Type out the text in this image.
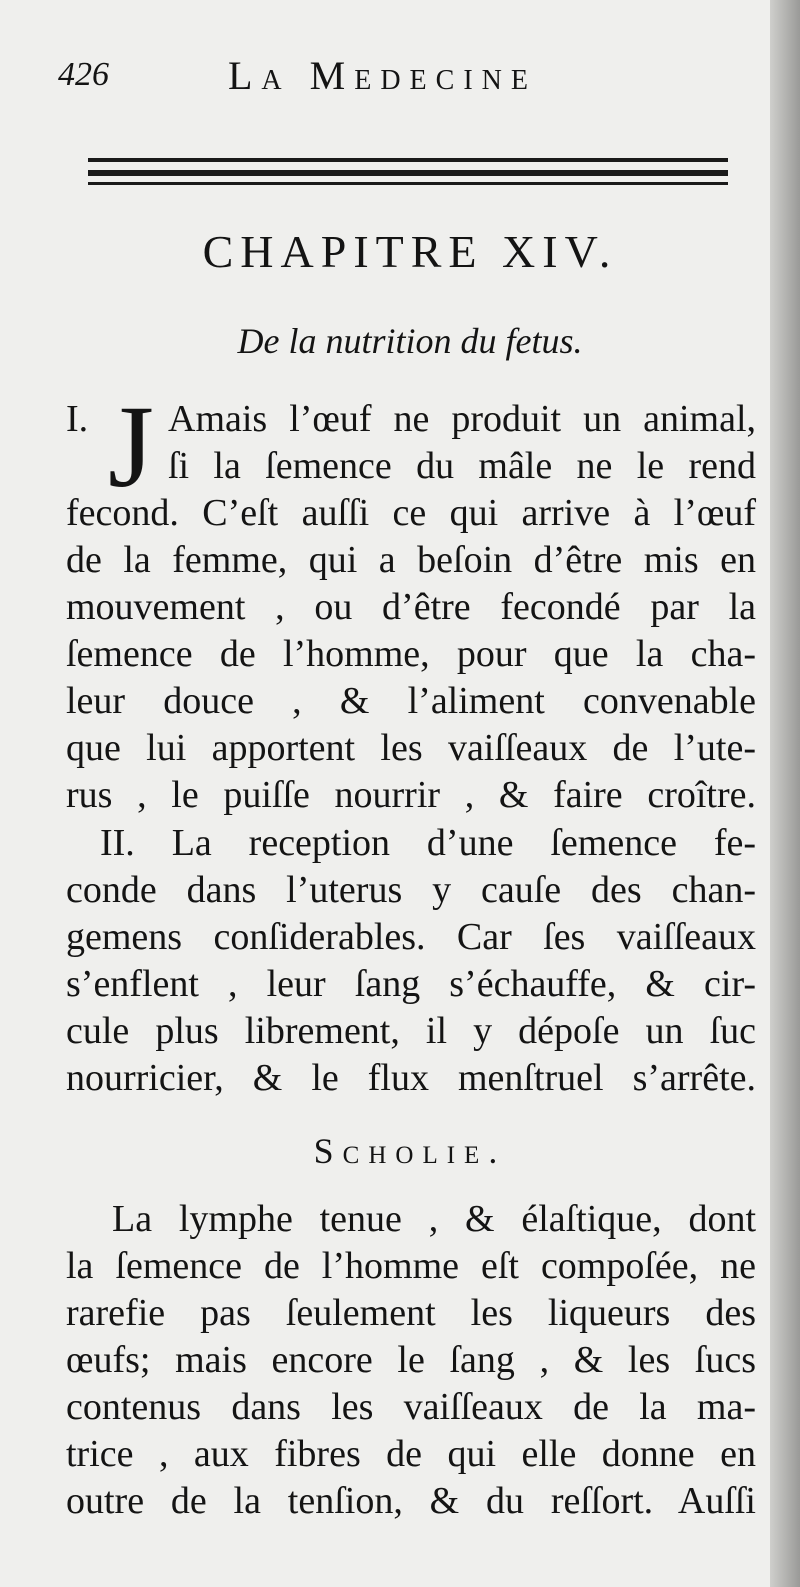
426	La Medecine
CHAPITRE XIV.
De la nutrition du fetus.
I. J Amais l’œuf ne produit un animal,
ſi la ſemence du mâle ne le rend
fecond. C’eſt auſſi ce qui arrive à l’œuf
de la femme, qui a beſoin d’être mis en
mouvement , ou d’être fecondé par la
ſemence de l’homme, pour que la cha-
leur douce , & l’aliment convenable
que lui apportent les vaiſſeaux de l’ute-
rus , le puiſſe nourrir , & faire croître.
II. La reception d’une ſemence fe-
conde dans l’uterus y cauſe des chan-
gemens conſiderables. Car ſes vaiſſeaux
s’enflent , leur ſang s’échauffe, & cir-
cule plus librement, il y dépoſe un ſuc
nourricier, & le flux menſtruel s’arrête.
Scholie.
La lymphe tenue , & élaſtique, dont
la ſemence de l’homme eſt compoſée, ne
rarefie pas ſeulement les liqueurs des
œufs; mais encore le ſang , & les ſucs
contenus dans les vaiſſeaux de la ma-
trice , aux fibres de qui elle donne en
outre de la tenſion, & du reſſort. Auſſi
